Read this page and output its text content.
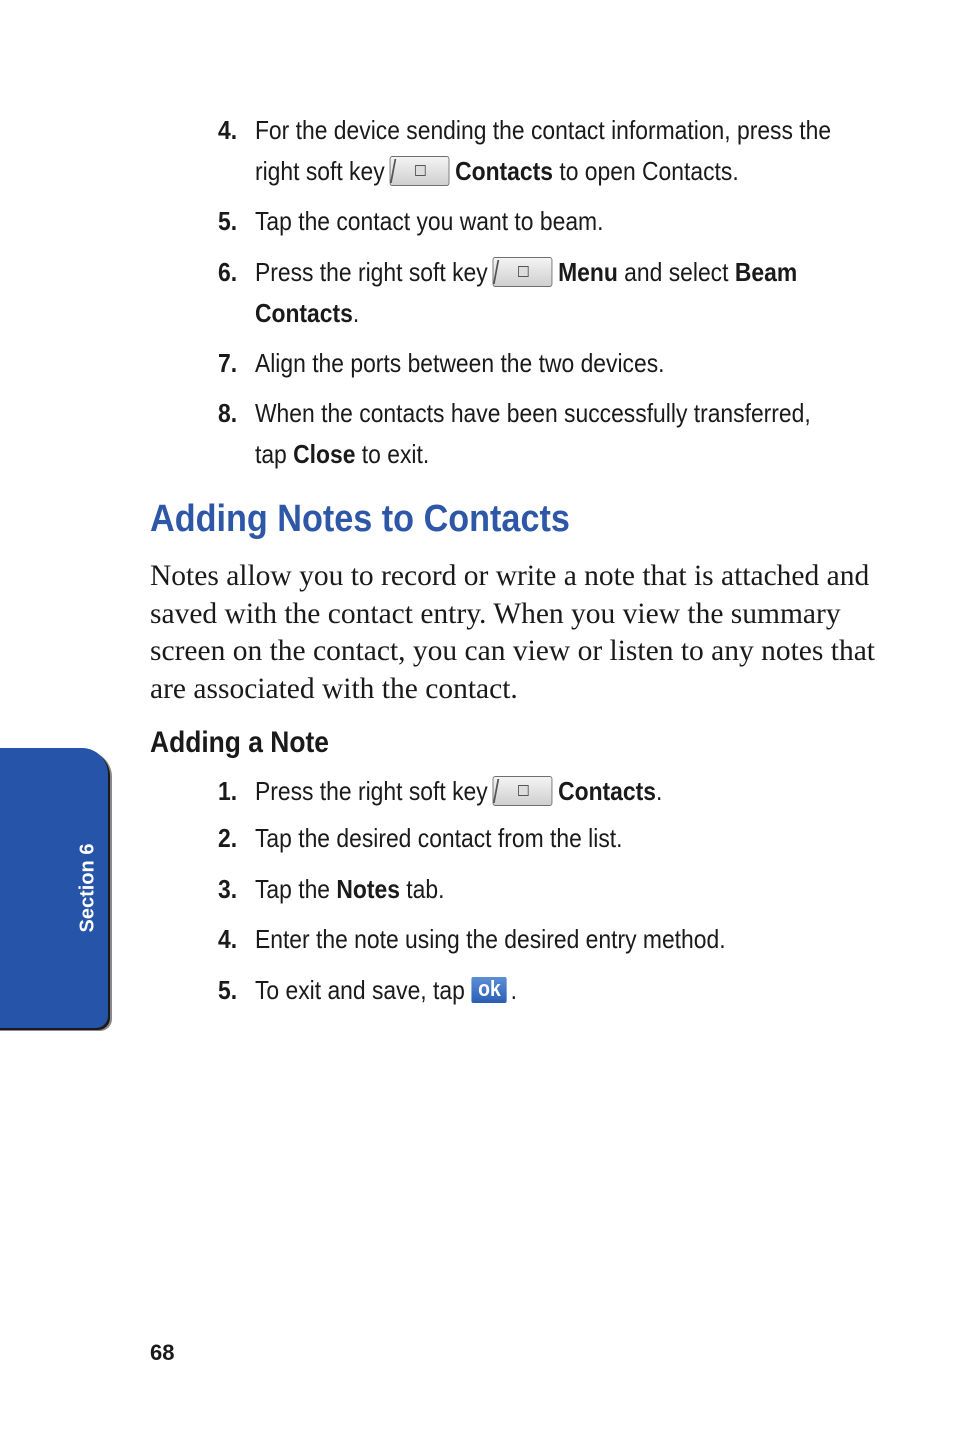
4. For the device sending the contact information, press the
right soft key	Contacts to open Contacts.
5. Tap the contact you want to beam.
6. Press the right soft key	Menu and select Beam
Contacts.
7. Align the ports between the two devices.
8. When the contacts have been successfully transferred,
tap Close to exit.
Adding Notes to Contacts
Notes allow you to record or write a note that is attached and saved with the contact entry. When you view the summary screen on the contact, you can view or listen to any notes that are associated with the contact.
Adding a Note
1. Press the right soft key	Contacts.
2. Tap the desired contact from the list.
3. Tap the Notes tab.
4. Enter the note using the desired entry method.
5. To exit and save, tap ok .
Section 6
68
